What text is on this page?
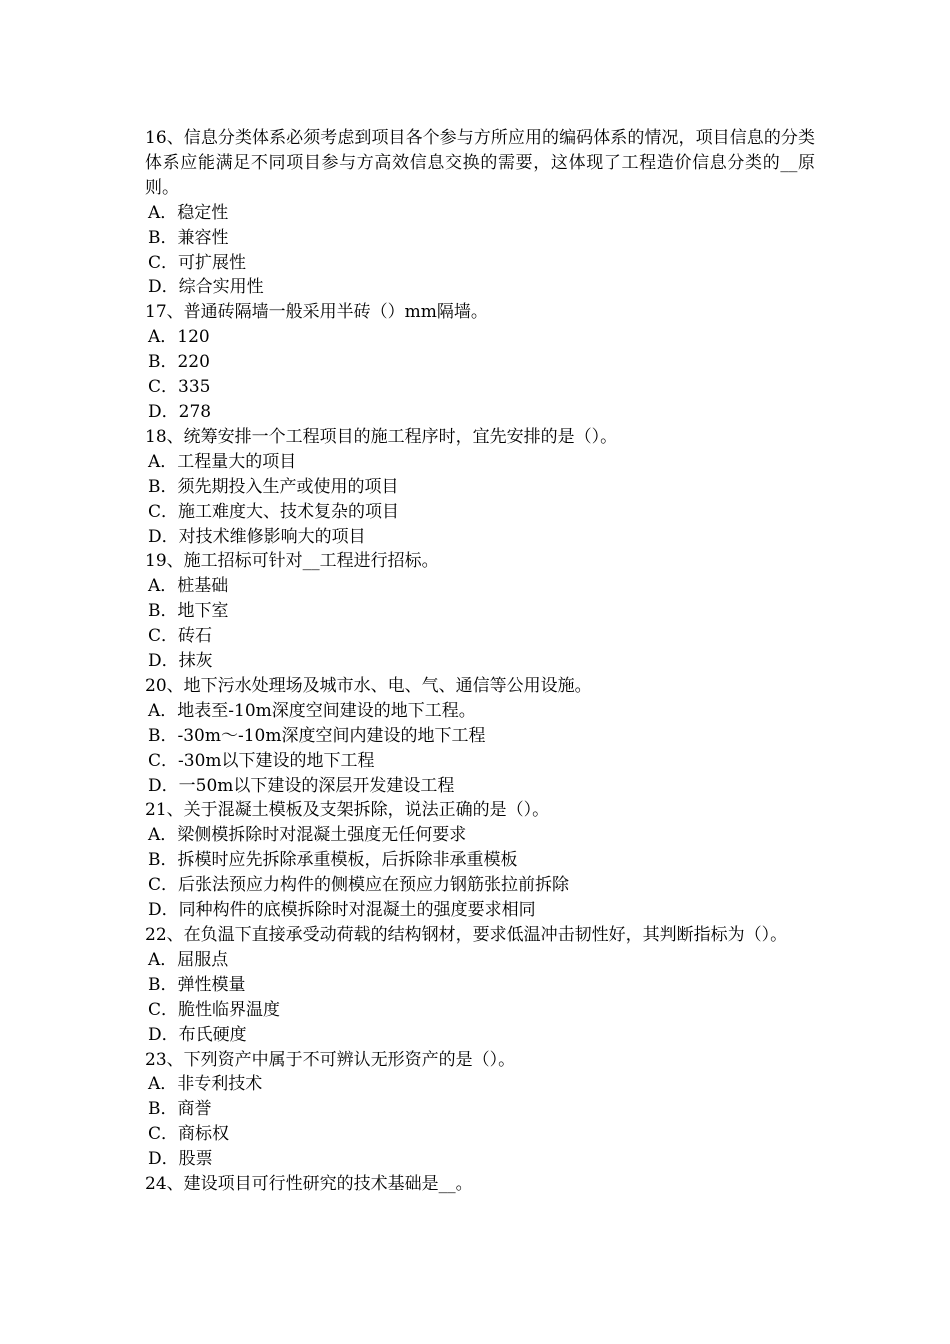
16、信息分类体系必须考虑到项目各个参与方所应用的编码体系的情况，项目信息的分类体系应能满足不同项目参与方高效信息交换的需要，这体现了工程造价信息分类的__原则。

A．稳定性

B．兼容性

C．可扩展性

D．综合实用性

17、普通砖隔墙一般采用半砖（）mm隔墙。

A．120

B．220

C．335

D．278

18、统筹安排一个工程项目的施工程序时，宜先安排的是（）。

A．工程量大的项目

B．须先期投入生产或使用的项目

C．施工难度大、技术复杂的项目

D．对技术维修影响大的项目

19、施工招标可针对__工程进行招标。

A．桩基础

B．地下室

C．砖石

D．抹灰

20、地下污水处理场及城市水、电、气、通信等公用设施。

A．地表至-10m深度空间建设的地下工程。

B．-30m～-10m深度空间内建设的地下工程

C．-30m以下建设的地下工程

D．一50m以下建设的深层开发建设工程

21、关于混凝土模板及支架拆除，说法正确的是（）。

A．梁侧模拆除时对混凝土强度无任何要求

B．拆模时应先拆除承重模板，后拆除非承重模板

C．后张法预应力构件的侧模应在预应力钢筋张拉前拆除

D．同种构件的底模拆除时对混凝土的强度要求相同

22、在负温下直接承受动荷载的结构钢材，要求低温冲击韧性好，其判断指标为（）。

A．屈服点

B．弹性模量

C．脆性临界温度

D．布氏硬度

23、下列资产中属于不可辨认无形资产的是（）。

A．非专利技术

B．商誉

C．商标权

D．股票

24、建设项目可行性研究的技术基础是__。
